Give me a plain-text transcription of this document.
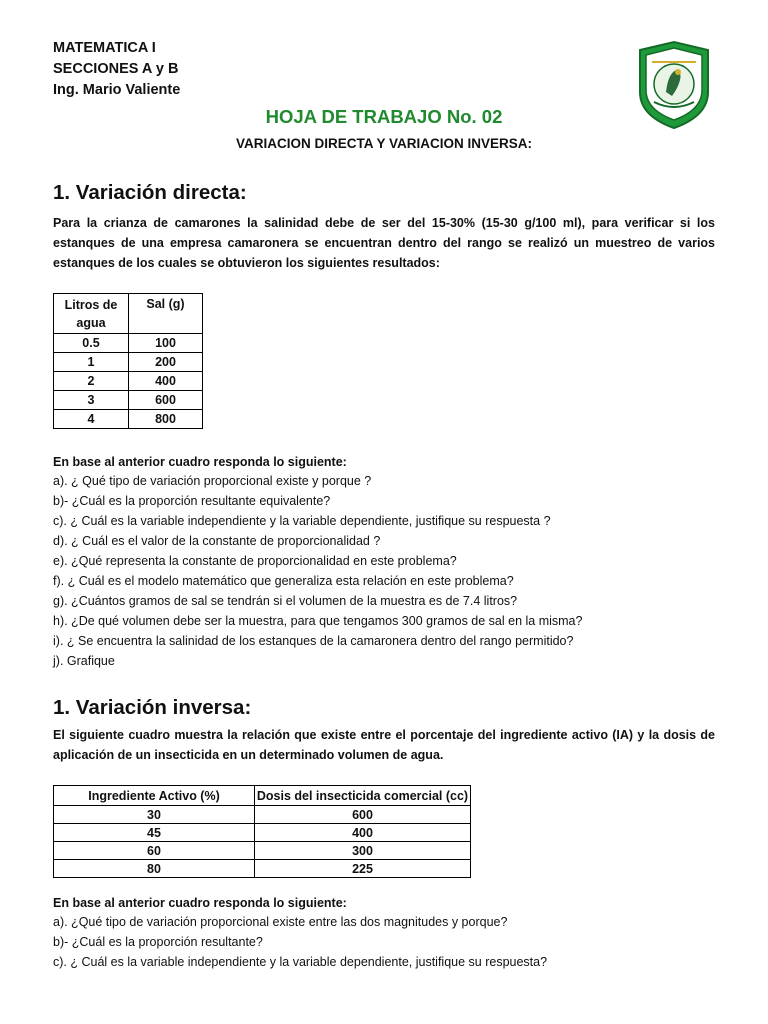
MATEMATICA I
SECCIONES A y B
Ing. Mario Valiente
HOJA DE TRABAJO No. 02
VARIACION DIRECTA Y VARIACION INVERSA:
1. Variación directa:

Para la crianza de camarones la salinidad debe de ser del 15-30% (15-30 g/100 ml), para verificar si los estanques de una empresa camaronera se encuentran dentro del rango se realizó un muestreo de varios estanques de los cuales se obtuvieron los siguientes resultados:

Litros de agua	Sal (g)
0.5	100
1	200
2	400
3	600
4	800
En base al anterior cuadro responda lo siguiente:
a). ¿ Qué tipo de variación proporcional existe y porque ?
b)- ¿Cuál es la proporción resultante equivalente?
c). ¿ Cuál es la variable independiente y la variable dependiente, justifique su respuesta ?
d). ¿ Cuál es el valor de la constante de proporcionalidad ?
e). ¿Qué representa la constante de proporcionalidad en este problema?
f). ¿ Cuál es el modelo matemático que generaliza esta relación en este problema?
g). ¿Cuántos gramos de sal se tendrán si el volumen de la muestra es de 7.4 litros?
h). ¿De qué volumen debe ser la muestra, para que tengamos 300 gramos de sal en la misma?
i). ¿ Se encuentra la salinidad de los estanques de la camaronera dentro del rango permitido?
j). Grafique
1. Variación inversa:

El siguiente cuadro muestra la relación que existe entre el porcentaje del ingrediente activo (IA) y la dosis de aplicación de un insecticida en un determinado volumen de agua.

Ingrediente Activo (%)	Dosis del insecticida comercial (cc)
30	600
45	400
60	300
80	225
En base al anterior cuadro responda lo siguiente:
a). ¿Qué tipo de variación proporcional existe entre las dos magnitudes y porque?
b)- ¿Cuál es la proporción resultante?
c). ¿ Cuál es la variable independiente y la variable dependiente, justifique su respuesta?
